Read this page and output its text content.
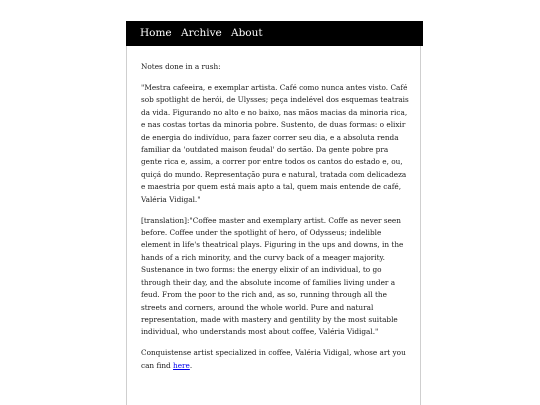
Home Archive About

Notes done in a rush:

"Mestra cafeeira, e exemplar artista. Café como nunca antes visto. Café sob spotlight de herói, de Ulysses; peça indelével dos esquemas teatrais da vida. Figurando no alto e no baixo, nas mãos macias da minoria rica, e nas costas tortas da minoria pobre. Sustento, de duas formas: o elixir de energia do indivíduo, para fazer correr seu dia, e a absoluta renda familiar da 'outdated maison feudal' do sertão. Da gente pobre pra gente rica e, assim, a correr por entre todos os cantos do estado e, ou, quiçá do mundo. Representação pura e natural, tratada com delicadeza e maestria por quem está mais apto a tal, quem mais entende de café, Valéria Vidigal."

[translation]:"Coffee master and exemplary artist. Coffe as never seen before. Coffee under the spotlight of hero, of Odysseus; indelible element in life's theatrical plays. Figuring in the ups and downs, in the hands of a rich minority, and the curvy back of a meager majority. Sustenance in two forms: the energy elixir of an individual, to go through their day, and the absolute income of families living under a feud. From the poor to the rich and, as so, running through all the streets and corners, around the whole world. Pure and natural representation, made with mastery and gentility by the most suitable individual, who understands most about coffee, Valéria Vidigal."

Conquistense artist specialized in coffee, Valéria Vidigal, whose art you can find here.
